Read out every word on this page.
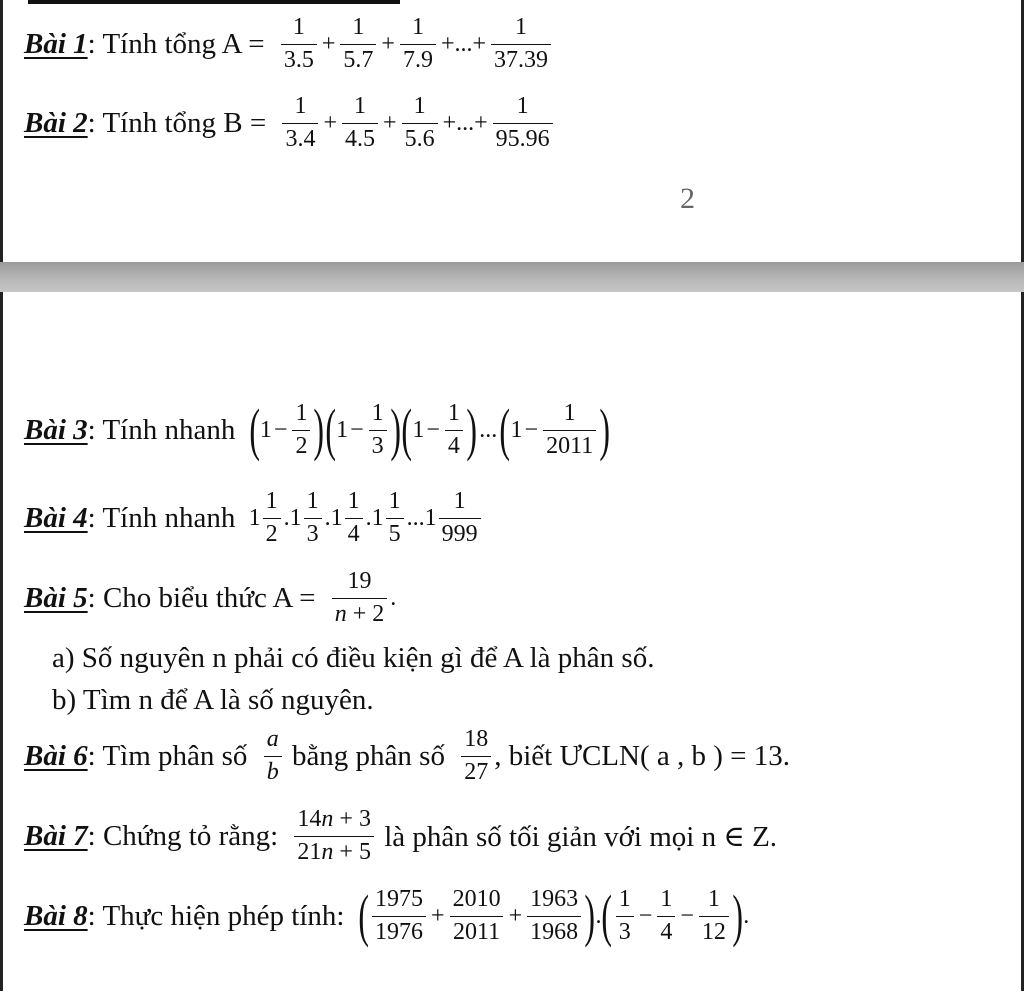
Bài 1 : Tính tổng $A = \frac{1}{3.5} + \frac{1}{5.7} + \frac{1}{7.9}$ +...+ $\frac{1}{37.39}$
Bài 2 : Tính tổng $B = \frac{1}{3.4} + \frac{1}{4.5} + \frac{1}{5.6}$ +...+ $\frac{1}{95.96}$
2
Bài 3 : Tính nhanh ( $1 - \frac{1}{2}$ ) ( $1 - \frac{1}{3}$ ) ( $1 - \frac{1}{4}$ ) ... ( $1 - \frac{1}{2011}$ )
Bài 4 : Tính nhanh $1 \frac{1}{2}$ . $1 \frac{1}{3}$ . $1 \frac{1}{4}$ . $1 \frac{1}{5}$ ... $1 \frac{1}{999}$
Bài 5 : Cho biểu thức $A = \frac{19}{n + 2}$ .
a) Số nguyên n phải có điều kiện gì để A là phân số.
b) Tìm n để A là số nguyên.
Bài 6 : Tìm phân số $\frac{a}{b}$ bằng phân số $\frac{18}{27}$ , biết ƯCLN( a , b ) = 13.
Bài 7 : Chứng tỏ rằng: $\frac{14n + 3}{21n + 5}$ là phân số tối giản với mọi n ∈ Z.
Bài 8 : Thực hiện phép tính: ( $\frac{1975}{1976} + \frac{2010}{2011} + \frac{1963}{1968}$ ) . ( $\frac{1}{3} - \frac{1}{4} - \frac{1}{12}$ ) .
